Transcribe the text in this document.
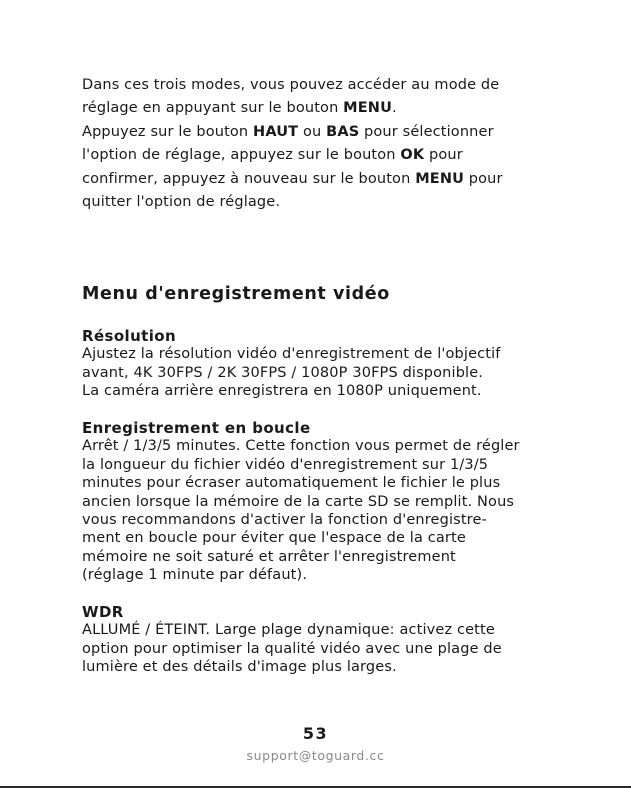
Dans ces trois modes, vous pouvez accéder au mode de
réglage en appuyant sur le bouton MENU.
Appuyez sur le bouton HAUT ou BAS pour sélectionner
l'option de réglage, appuyez sur le bouton OK pour
confirmer, appuyez à nouveau sur le bouton MENU pour
quitter l'option de réglage.
Menu d'enregistrement vidéo
Résolution
Ajustez la résolution vidéo d'enregistrement de l'objectif
avant, 4K 30FPS / 2K 30FPS / 1080P 30FPS disponible.
La caméra arrière enregistrera en 1080P uniquement.
Enregistrement en boucle
Arrêt / 1/3/5 minutes. Cette fonction vous permet de régler
la longueur du fichier vidéo d'enregistrement sur 1/3/5
minutes pour écraser automatiquement le fichier le plus
ancien lorsque la mémoire de la carte SD se remplit. Nous
vous recommandons d'activer la fonction d'enregistre-
ment en boucle pour éviter que l'espace de la carte
mémoire ne soit saturé et arrêter l'enregistrement
(réglage 1 minute par défaut).
WDR
ALLUMÉ / ÉTEINT. Large plage dynamique: activez cette
option pour optimiser la qualité vidéo avec une plage de
lumière et des détails d'image plus larges.
53
support@toguard.cc
